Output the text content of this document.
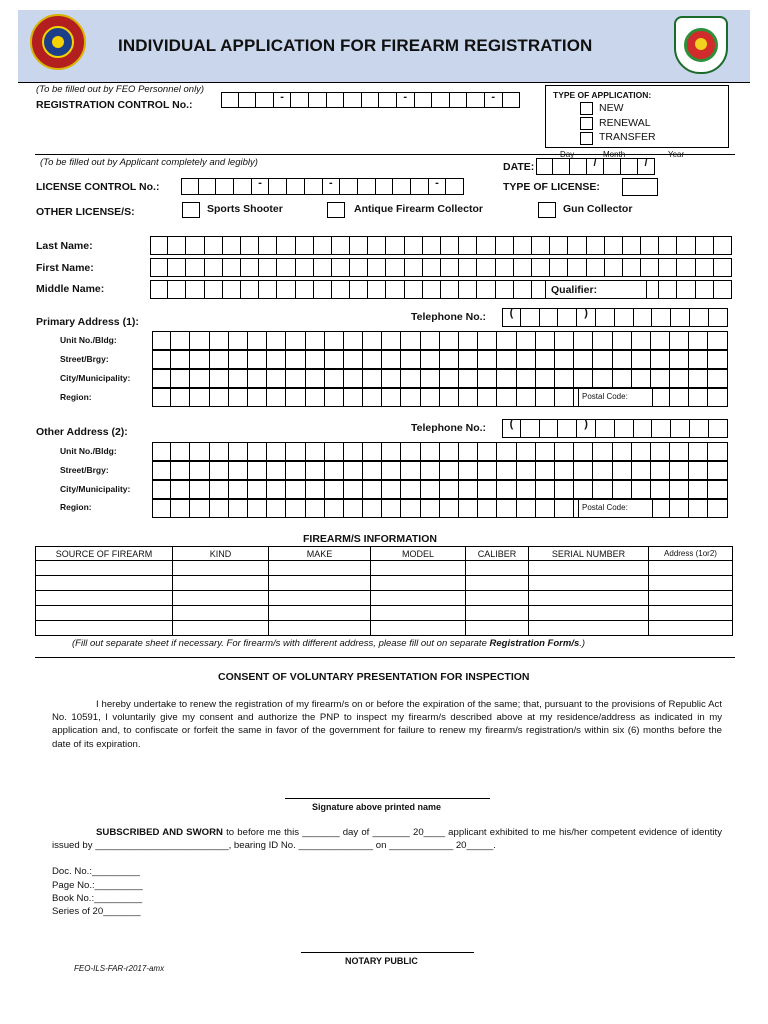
INDIVIDUAL APPLICATION FOR FIREARM REGISTRATION
(To be filled out by FEO Personnel only)
REGISTRATION CONTROL No.:
-
-
-
TYPE OF APPLICATION:
NEW
RENEWAL
TRANSFER
(To be filled out by Applicant completely and legibly)	DATE:
Day	Month	Year
/
/
LICENSE CONTROL No.: - - -	TYPE OF LICENSE:
OTHER LICENSE/S:	Sports Shooter	Antique Firearm Collector	Gun Collector
Last Name:
First Name:
Middle Name:	Qualifier:
Primary Address (1):	Telephone No.:
(
)
Unit No./Bldg:
Street/Brgy:
City/Municipality:
Region:	Postal Code:
Other Address (2):	Telephone No.:
(
)
Unit No./Bldg:
Street/Brgy:
City/Municipality:
Region:	Postal Code:
FIREARM/S INFORMATION
SOURCE OF FIREARM	KIND	MAKE	MODEL	CALIBER	SERIAL NUMBER	Address (1or2)

(Fill out separate sheet if necessary. For firearm/s with different address, please fill out on separate Registration Form/s.)
CONSENT OF VOLUNTARY PRESENTATION FOR INSPECTION
I hereby undertake to renew the registration of my firearm/s on or before the expiration of the same; that, pursuant to the provisions of Republic Act No. 10591, I voluntarily give my consent and authorize the PNP to inspect my firearm/s described above at my residence/address as indicated in my application and, to confiscate or forfeit the same in favor of the government for failure to renew my firearm/s registration/s within six (6) months before the date of its expiration.
Signature above printed name
SUBSCRIBED AND SWORN to before me this _______ day of _______ 20____ applicant exhibited to me his/her competent evidence of identity issued by _________________________, bearing ID No. ______________ on ____________ 20_____.
Doc. No.:_________
Page No.:_________
Book No.:_________
Series of 20_______
NOTARY PUBLIC
FEO-ILS-FAR-r2017-amx
